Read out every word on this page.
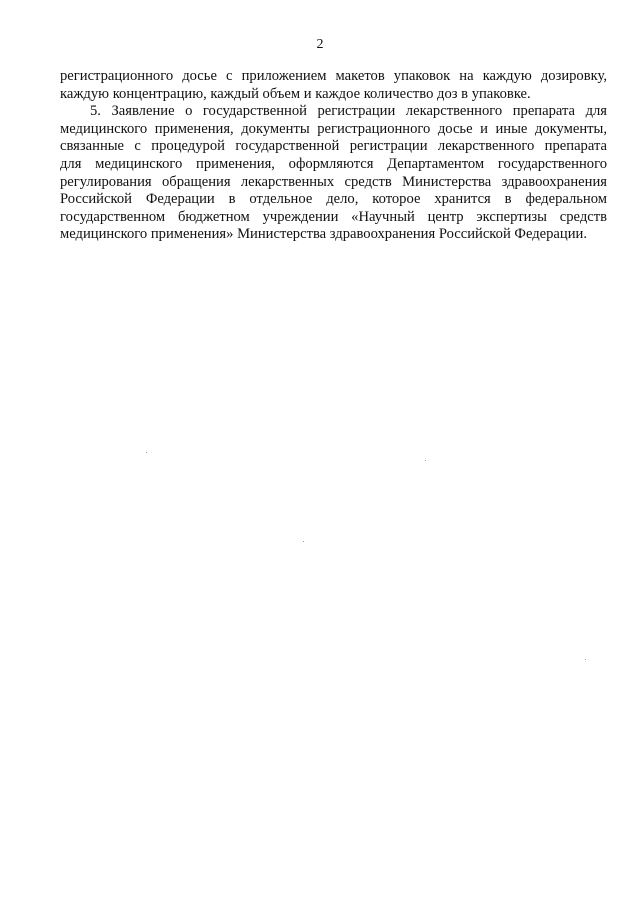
2
регистрационного досье с приложением макетов упаковок на каждую дозировку,
каждую концентрацию, каждый объем и каждое количество доз в упаковке.
5. Заявление о государственной регистрации лекарственного препарата для
медицинского применения, документы регистрационного досье и иные документы,
связанные с процедурой государственной регистрации лекарственного препарата
для медицинского применения, оформляются Департаментом государственного
регулирования обращения лекарственных средств Министерства здравоохранения
Российской Федерации в отдельное дело, которое хранится в федеральном
государственном бюджетном учреждении «Научный центр экспертизы средств
медицинского применения» Министерства здравоохранения Российской Федерации.
